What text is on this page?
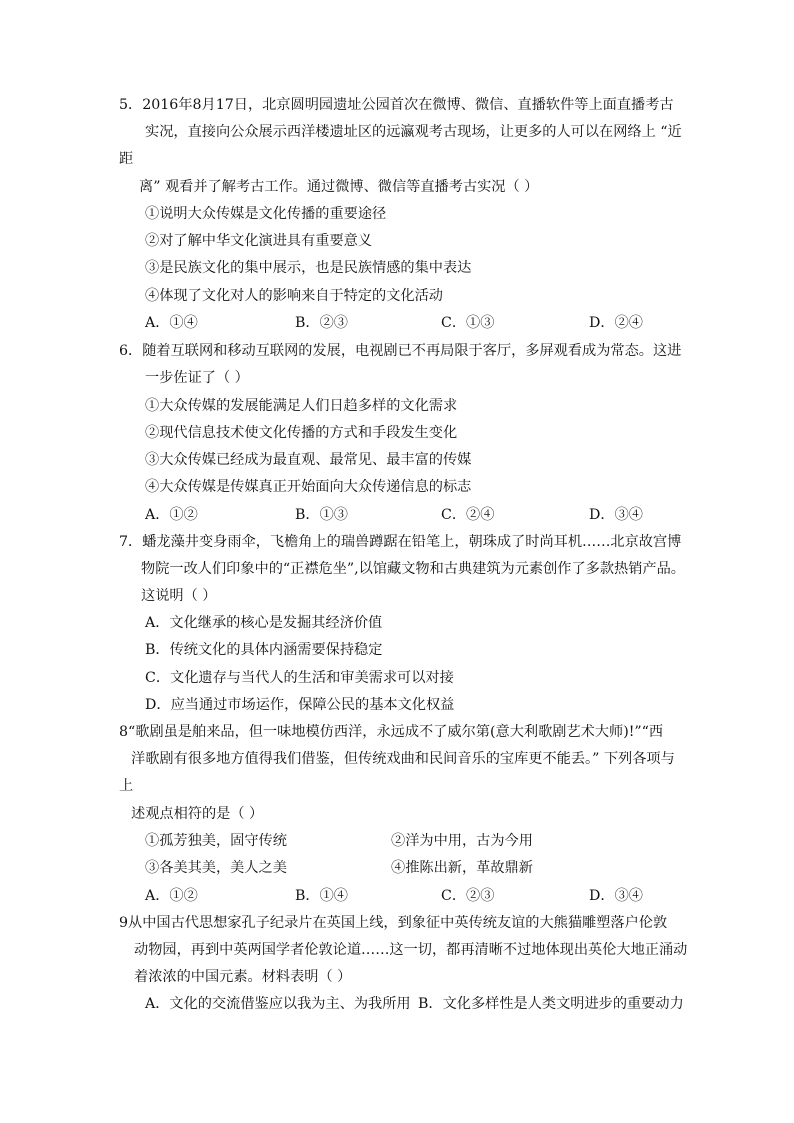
5．2016年8月17日，北京圆明园遗址公园首次在微博、微信、直播软件等上面直播考古
实况，直接向公众展示西洋楼遗址区的远瀛观考古现场，让更多的人可以在网络上 “近
距
离” 观看并了解考古工作。通过微博、微信等直播考古实况（ ）
①说明大众传媒是文化传播的重要途径
②对了解中华文化演进具有重要意义
③是民族文化的集中展示，也是民族情感的集中表达
④体现了文化对人的影响来自于特定的文化活动
A．①④	B．②③	C．①③	D．②④
6．随着互联网和移动互联网的发展，电视剧已不再局限于客厅，多屏观看成为常态。这进
一步佐证了（ ）
①大众传媒的发展能满足人们日趋多样的文化需求
②现代信息技术使文化传播的方式和手段发生变化
③大众传媒已经成为最直观、最常见、最丰富的传媒
④大众传媒是传媒真正开始面向大众传递信息的标志
A．①②	B．①③	C．②④	D．③④
7．蟠龙藻井变身雨伞，飞檐角上的瑞兽蹲踞在铅笔上，朝珠成了时尚耳机……北京故宫博
物院一改人们印象中的“正襟危坐”,以馆藏文物和古典建筑为元素创作了多款热销产品。
这说明（ ）
A．文化继承的核心是发掘其经济价值
B．传统文化的具体内涵需要保持稳定
C．文化遗存与当代人的生活和审美需求可以对接
D．应当通过市场运作，保障公民的基本文化权益
8“歌剧虽是舶来品，但一味地模仿西洋，永远成不了威尔第(意大利歌剧艺术大师)!”“西
洋歌剧有很多地方值得我们借鉴，但传统戏曲和民间音乐的宝库更不能丢。” 下列各项与
上
述观点相符的是（ ）
①孤芳独美，固守传统	②洋为中用，古为今用
③各美其美，美人之美	④推陈出新，革故鼎新
A．①②	B．①④	C．②③	D．③④
9从中国古代思想家孔子纪录片在英国上线，到象征中英传统友谊的大熊猫雕塑落户伦敦
动物园，再到中英两国学者伦敦论道……这一切，都再清晰不过地体现出英伦大地正涌动
着浓浓的中国元素。材料表明（ ）
A．文化的交流借鉴应以我为主、为我所用 B．文化多样性是人类文明进步的重要动力
